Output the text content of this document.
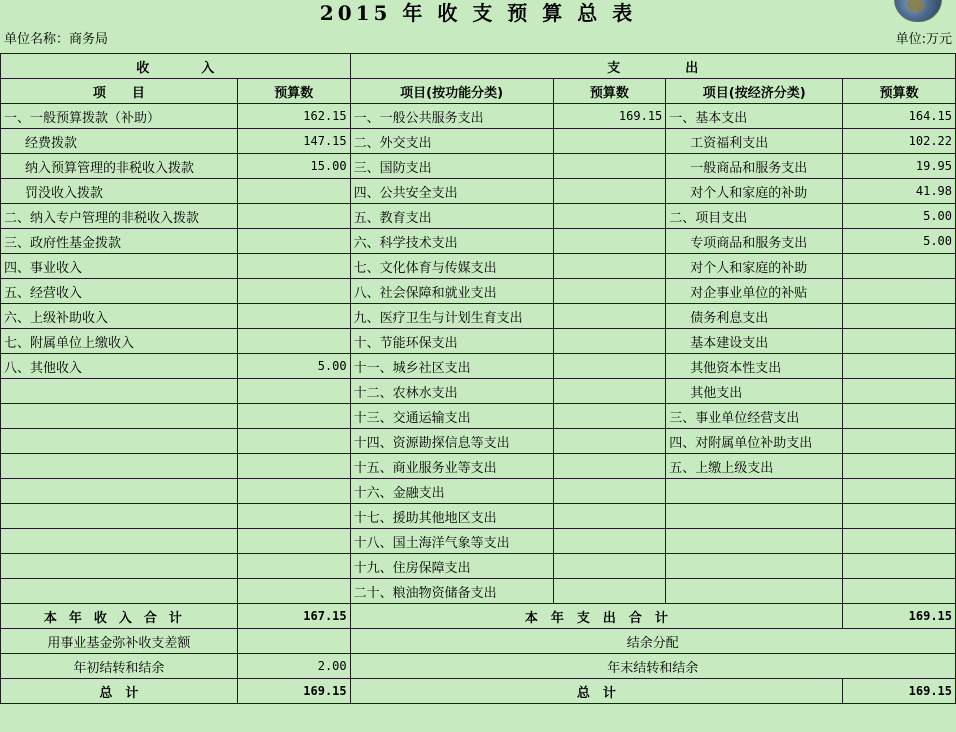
2015 年 收 支 预 算 总 表
单位名称：商务局	单位:万元
收　　　　入		支　　　　　出			
项　　目	预算数	项目(按功能分类)	预算数	项目(按经济分类)	预算数
一、一般预算拨款（补助）	162.15	一、一般公共服务支出	169.15	一、基本支出	164.15
经费拨款	147.15	二、外交支出		工资福利支出	102.22
纳入预算管理的非税收入拨款	15.00	三、国防支出		一般商品和服务支出	19.95
罚没收入拨款		四、公共安全支出		对个人和家庭的补助	41.98
二、纳入专户管理的非税收入拨款		五、教育支出		二、项目支出	5.00
三、政府性基金拨款		六、科学技术支出		专项商品和服务支出	5.00
四、事业收入		七、文化体育与传媒支出		对个人和家庭的补助	
五、经营收入		八、社会保障和就业支出		对企事业单位的补贴	
六、上级补助收入		九、医疗卫生与计划生育支出		债务利息支出	
七、附属单位上缴收入		十、节能环保支出		基本建设支出	
八、其他收入	5.00	十一、城乡社区支出		其他资本性支出	
		十二、农林水支出		其他支出	
		十三、交通运输支出		三、事业单位经营支出	
		十四、资源勘探信息等支出		四、对附属单位补助支出	
		十五、商业服务业等支出		五、上缴上级支出	
		十六、金融支出			
		十七、援助其他地区支出			
		十八、国土海洋气象等支出			
		十九、住房保障支出			
		二十、粮油物资储备支出			
本年收入合计	167.15	本　年　支　出　合　计			169.15
用事业基金弥补收支差额		结余分配			
年初结转和结余	2.00	年末结转和结余			
总　计	169.15	总　计			169.15
